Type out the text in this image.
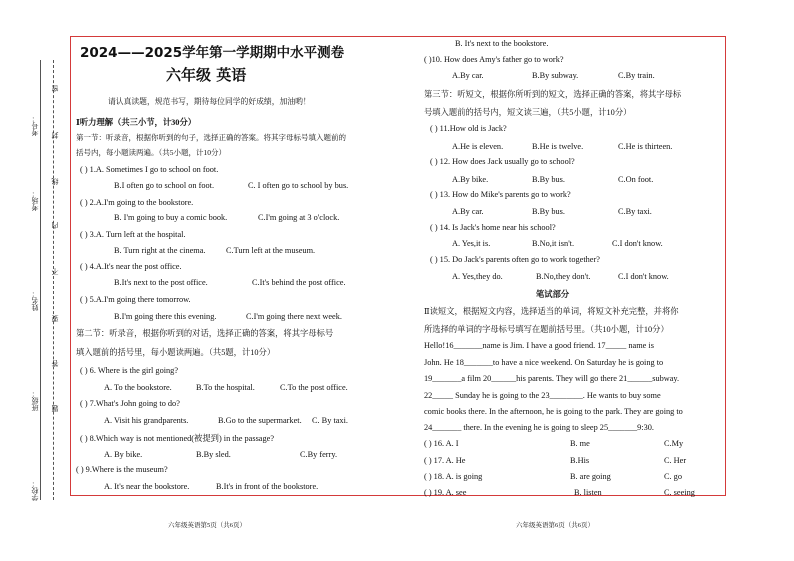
学校：
班级：
姓名：
考场：
考号：
密
封
线
内
不
要
答
题
2024——2025学年第一学期期中水平测卷
六年级 英语
请认真读题，规范书写，期待每位同学的好成绩，加油哟！
Ⅰ听力理解（共三小节，计30分）
第一节：听录音，根据你听到的句子，选择正确的答案。将其字母标号填入题前的
括号内，每小题读两遍。（共5小题，计10分）
( ) 1.A. Sometimes I go to school on foot.
B.I often go to school on foot.	C. I often go to school by bus.
( ) 2.A.I'm going to the bookstore.
B. I'm going to buy a comic book.	C.I'm going at 3 o'clock.
( ) 3.A. Turn left at the hospital.
B. Turn right at the cinema. C.Turn left at the museum.
( ) 4.A.It's near the post office.
B.It's next to the post office.	C.It's behind the post office.
( ) 5.A.I'm going there tomorrow.
B.I'm going there this evening.	C.I'm going there next week.
第二节：听录音，根据你听到的对话，选择正确的答案，将其字母标号
填入题前的括号里，每小题读两遍。（共5题，计10分）
( ) 6. Where is the girl going?
A. To the bookstore.	B.To the hospital.	C.To the post office.
( ) 7.What's John going to do?
A. Visit his grandparents.	B.Go to the supermarket. C. By taxi.
( ) 8.Which way is not mentioned(被提到) in the passage?
A. By bike.	B.By sled.	C.By ferry.
( ) 9.Where is the museum?
A. It's near the bookstore.	B.It's in front of the bookstore.
六年级英语第5页（共6页）
B. It's next to the bookstore.
( )10. How does Amy's father go to work?
A.By car.	B.By subway.	C.By train.
第三节：听短文，根据你所听到的短文，选择正确的答案，将其字母标
号填入题前的括号内，短文读三遍，（共5小题，计10分）
( ) 11.How old is Jack?
A.He is eleven.	B.He is twelve.	C.He is thirteen.
( ) 12. How does Jack usually go to school?
A.By bike.	B.By bus.	C.On foot.
( ) 13. How do Mike's parents go to work?
A.By car.	B.By bus.	C.By taxi.
( ) 14. Is Jack's home near his school?
A. Yes,it is.	B.No,it isn't.	C.I don't know.
( ) 15. Do Jack's parents often go to work together?
A. Yes,they do.	B.No,they don't.	C.I don't know.
笔试部分
Ⅱ读短文，根据短文内容，选择适当的单词，将短文补充完整，并将你
所选择的单词的字母标号填写在题前括号里。（共10小题，计10分）
Hello!16_______name is Jim. I have a good friend. 17_____ name is
John. He 18_______to have a nice weekend. On Saturday he is going to
19_______a film 20______his parents. They will go there 21______subway.
22_____ Sunday he is going to the 23________. He wants to buy some
comic books there. In the afternoon, he is going to the park. They are going to
24_______ there. In the evening he is going to sleep 25_______9:30.
( ) 16. A. I	B. me	C.My
( ) 17. A. He	B.His	C. Her
( ) 18. A. is going	B. are going	C. go
( ) 19. A. see	B. listen	C. seeing
六年级英语第6页（共6页）
